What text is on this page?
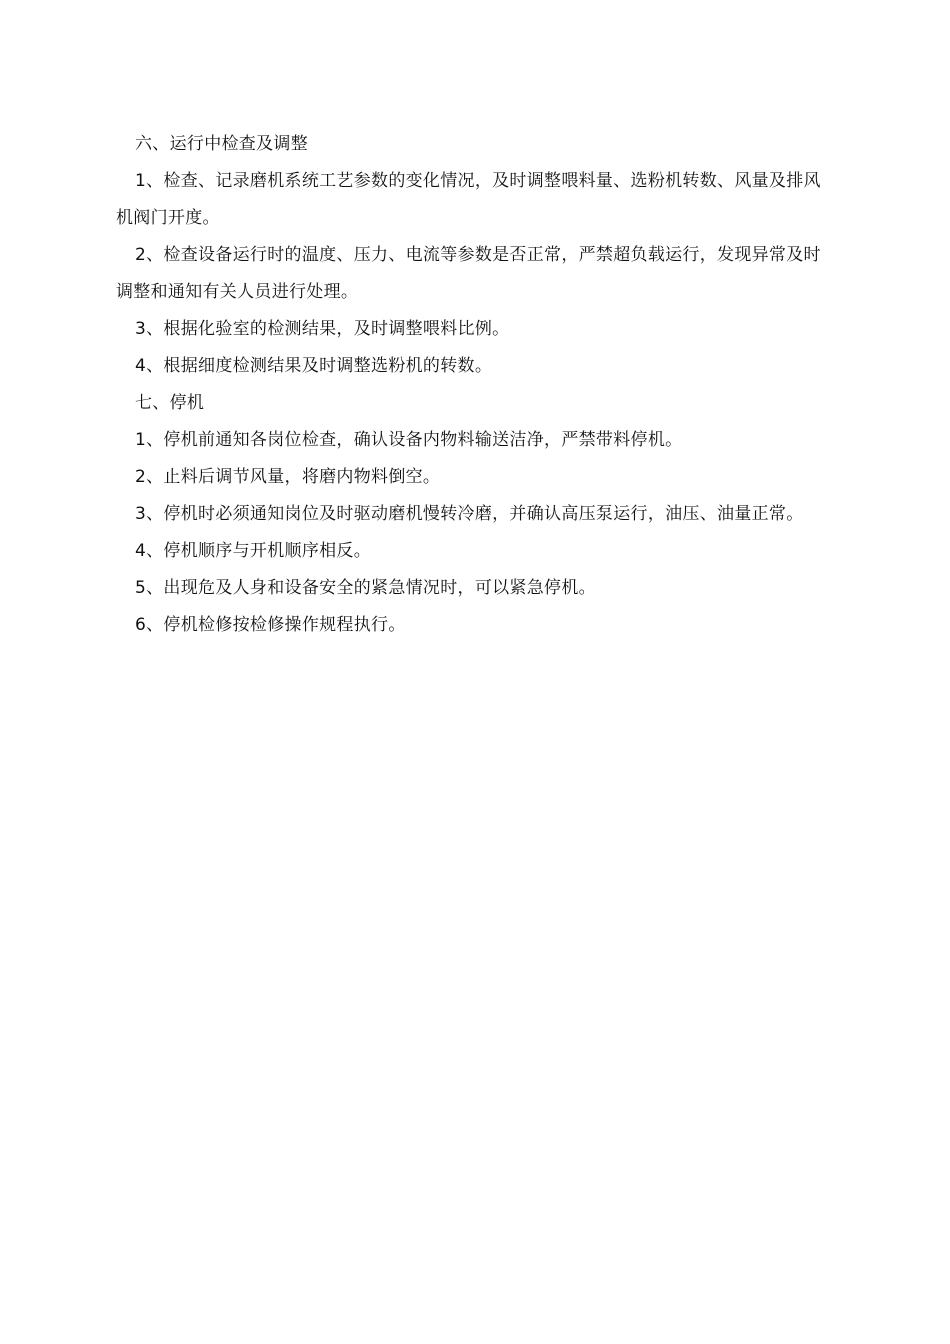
六、运行中检查及调整

1、检查、记录磨机系统工艺参数的变化情况，及时调整喂料量、选粉机转数、风量及排风机阀门开度。

2、检查设备运行时的温度、压力、电流等参数是否正常，严禁超负载运行，发现异常及时调整和通知有关人员进行处理。

3、根据化验室的检测结果，及时调整喂料比例。

4、根据细度检测结果及时调整选粉机的转数。

七、停机

1、停机前通知各岗位检查，确认设备内物料输送洁净，严禁带料停机。

2、止料后调节风量，将磨内物料倒空。

3、停机时必须通知岗位及时驱动磨机慢转冷磨，并确认高压泵运行，油压、油量正常。

4、停机顺序与开机顺序相反。

5、出现危及人身和设备安全的紧急情况时，可以紧急停机。

6、停机检修按检修操作规程执行。
